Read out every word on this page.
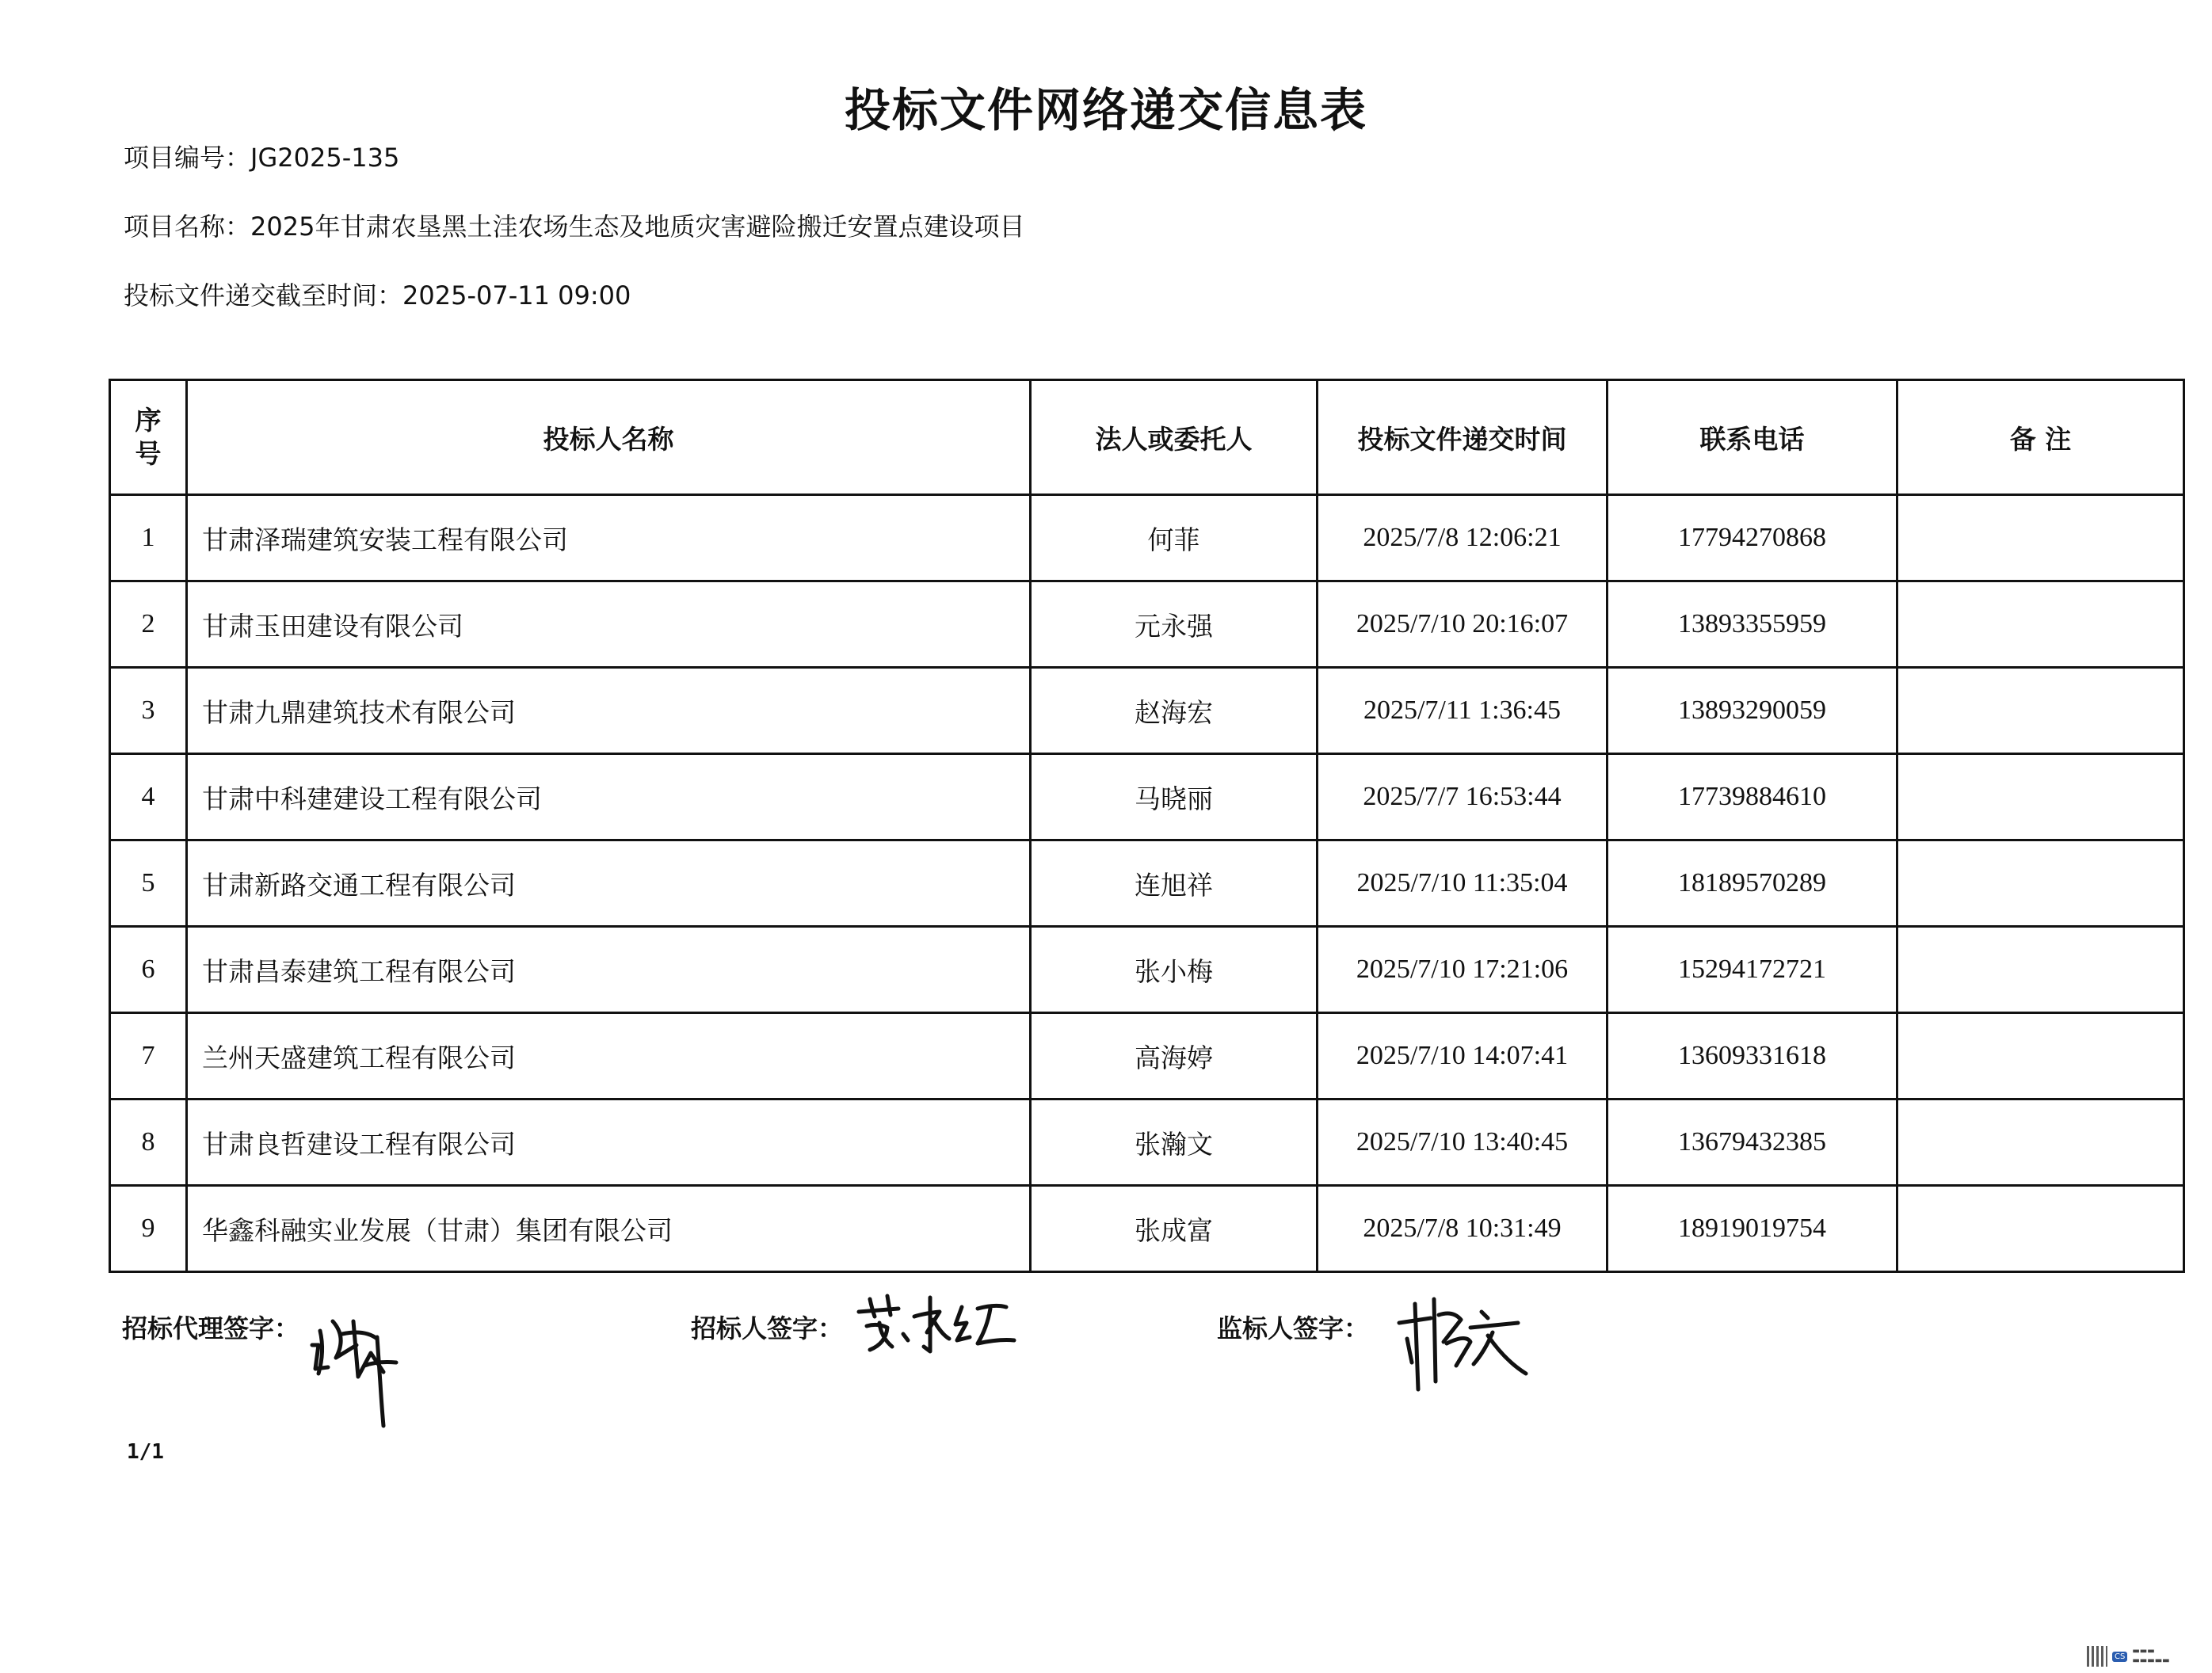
投标文件网络递交信息表
项目编号：JG2025-135
项目名称：2025年甘肃农垦黑土洼农场生态及地质灾害避险搬迁安置点建设项目
投标文件递交截至时间：2025-07-11 09:00
序
号	投标人名称	法人或委托人	投标文件递交时间	联系电话	备 注
1	甘肃泽瑞建筑安装工程有限公司	何菲	2025/7/8 12:06:21	17794270868	
2	甘肃玉田建设有限公司	元永强	2025/7/10 20:16:07	13893355959	
3	甘肃九鼎建筑技术有限公司	赵海宏	2025/7/11 1:36:45	13893290059	
4	甘肃中科建建设工程有限公司	马晓丽	2025/7/7 16:53:44	17739884610	
5	甘肃新路交通工程有限公司	连旭祥	2025/7/10 11:35:04	18189570289	
6	甘肃昌泰建筑工程有限公司	张小梅	2025/7/10 17:21:06	15294172721	
7	兰州天盛建筑工程有限公司	高海婷	2025/7/10 14:07:41	13609331618	
8	甘肃良哲建设工程有限公司	张瀚文	2025/7/10 13:40:45	13679432385	
9	华鑫科融实业发展（甘肃）集团有限公司	张成富	2025/7/8 10:31:49	18919019754	
招标代理签字：	招标人签字：	监标人签字：
1/1
CS
▬▬▬
▬▬▬▬▬
